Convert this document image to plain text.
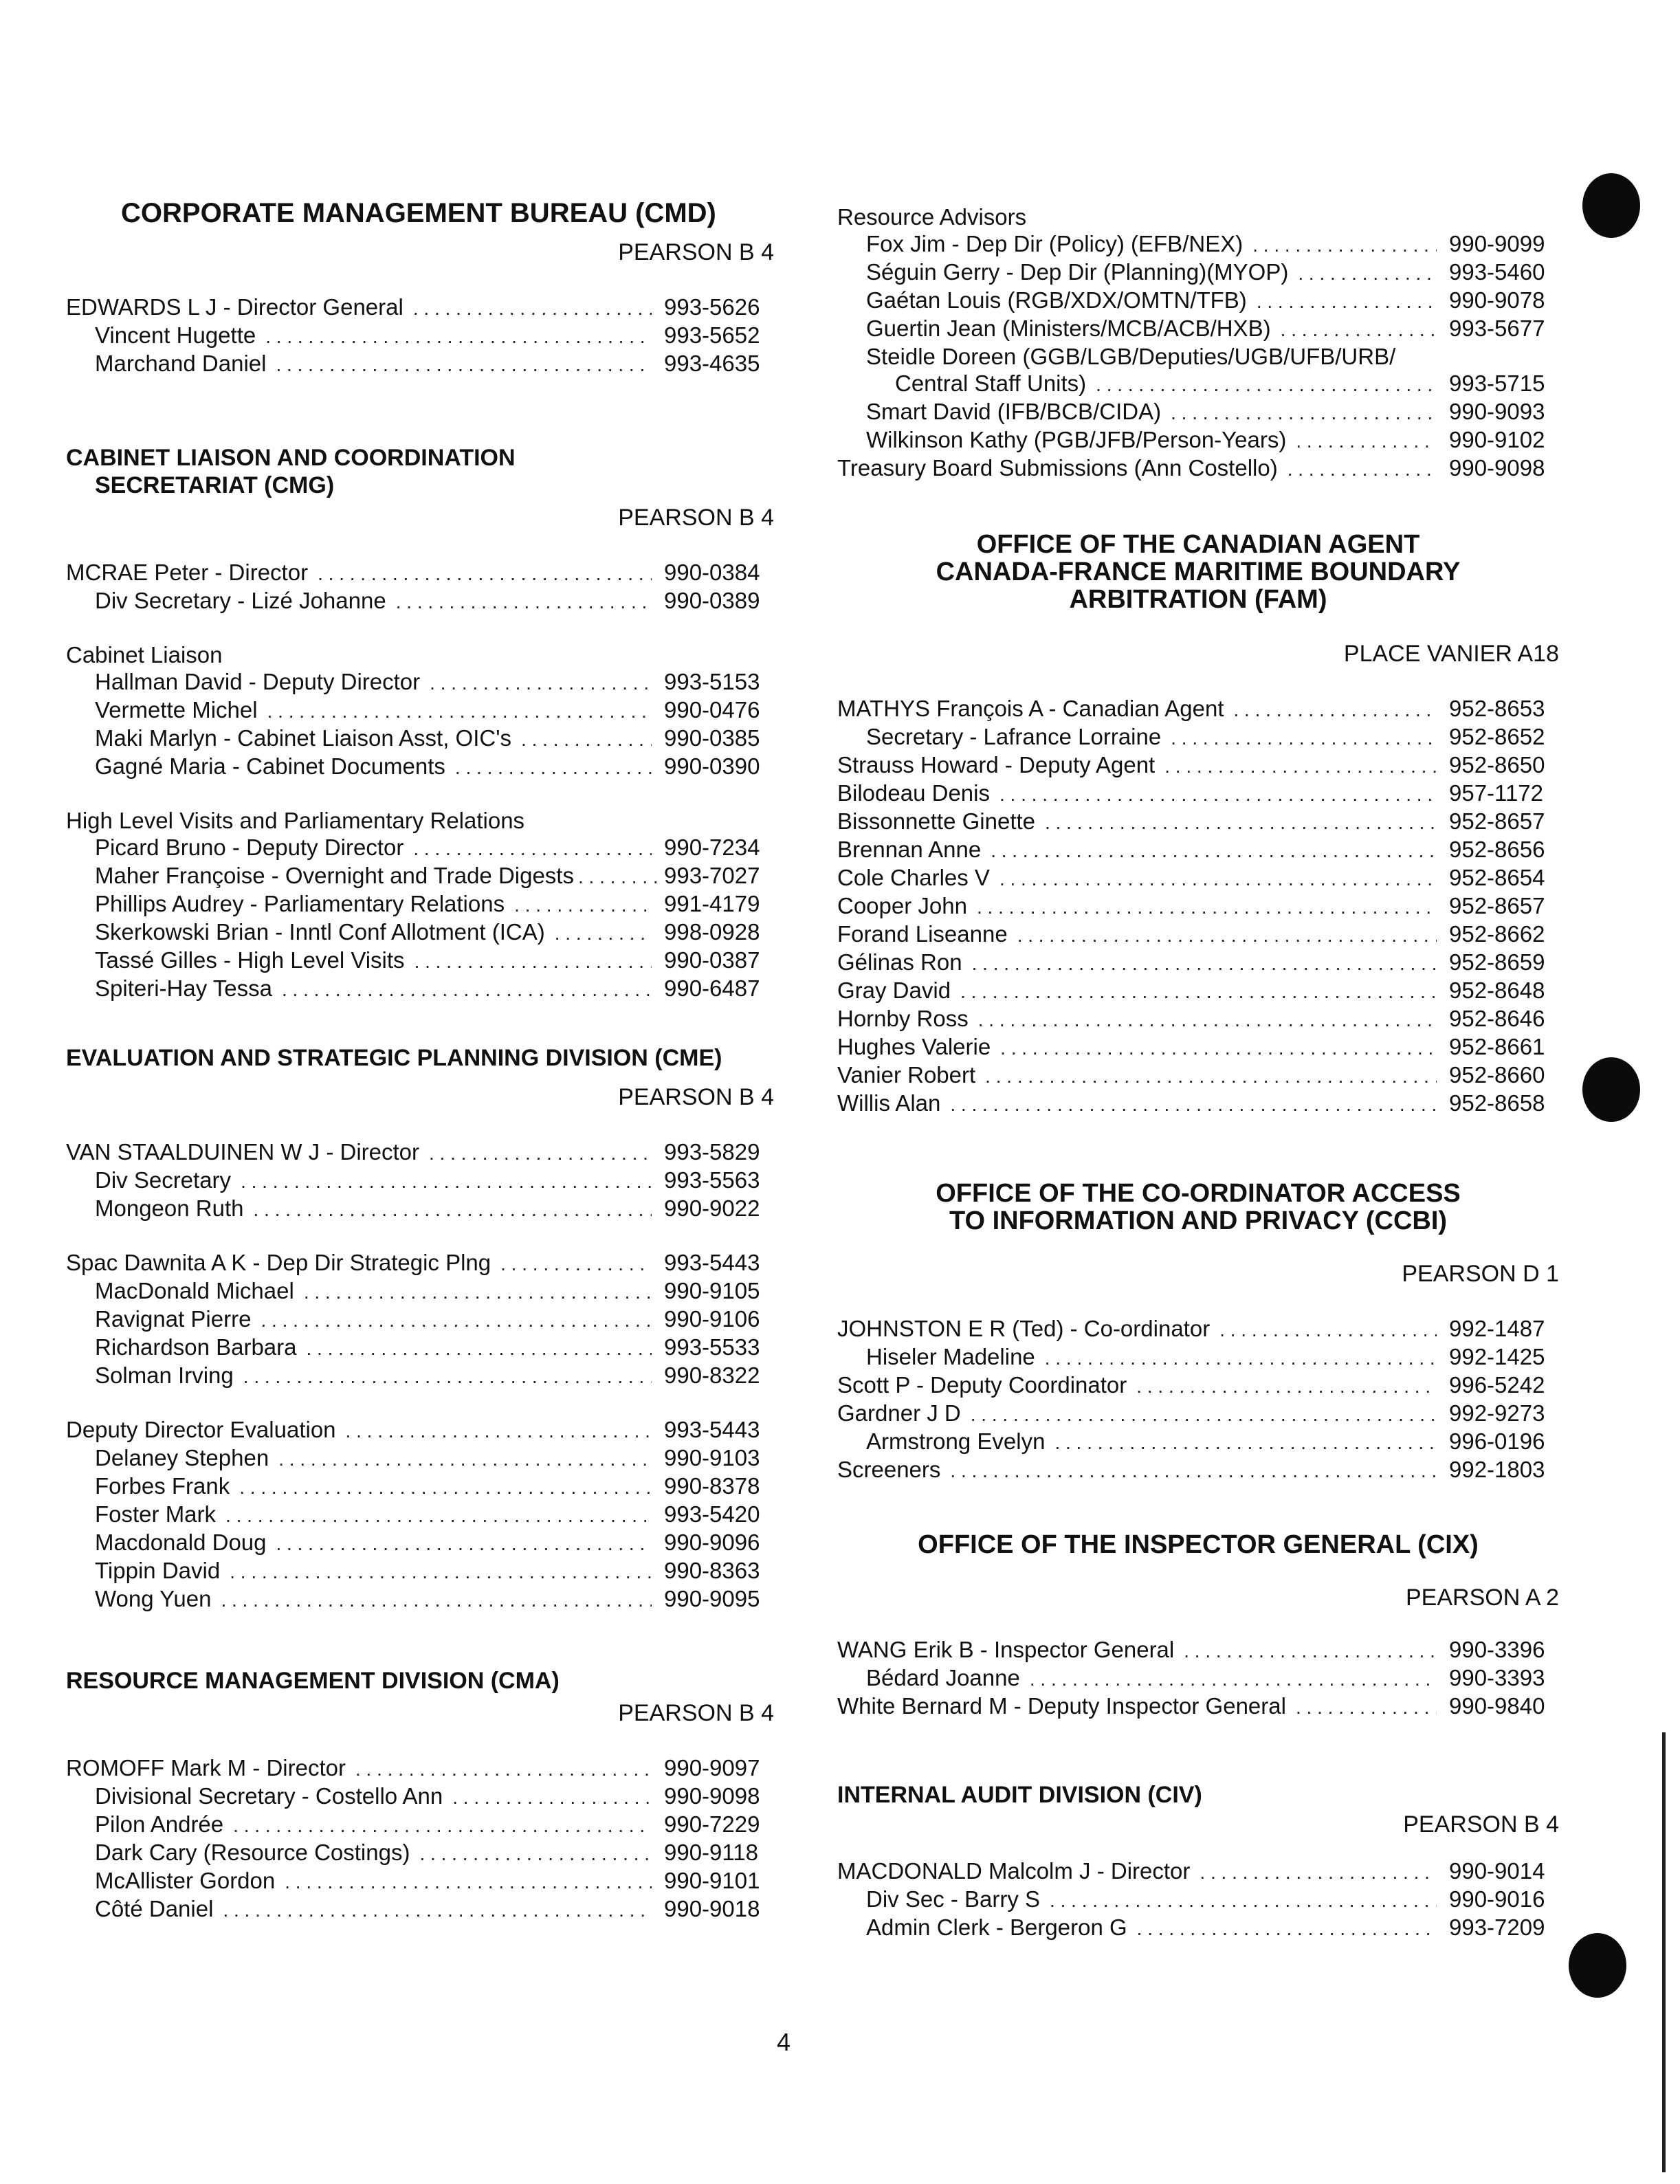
CORPORATE MANAGEMENT BUREAU (CMD)
PEARSON B 4
EDWARDS L J - Director General . . .	993-5626
Vincent Hugette . . .	993-5652
Marchand Daniel . . .	993-4635
CABINET LIAISON AND COORDINATION
SECRETARIAT (CMG)
PEARSON B 4
MCRAE Peter - Director . . .	990-0384
Div Secretary - Lizé Johanne . . .	990-0389
Cabinet Liaison
Hallman David - Deputy Director . . .	993-5153
Vermette Michel . . .	990-0476
Maki Marlyn - Cabinet Liaison Asst, OIC's . . .	990-0385
Gagné Maria - Cabinet Documents . . .	990-0390
High Level Visits and Parliamentary Relations
Picard Bruno - Deputy Director . . .	990-7234
Maher Françoise - Overnight and Trade Digests . . .	993-7027
Phillips Audrey - Parliamentary Relations . . .	991-4179
Skerkowski Brian - Inntl Conf Allotment (ICA) . . .	998-0928
Tassé Gilles - High Level Visits . . .	990-0387
Spiteri-Hay Tessa . . .	990-6487
EVALUATION AND STRATEGIC PLANNING DIVISION (CME)
PEARSON B 4
VAN STAALDUINEN W J - Director . . .	993-5829
Div Secretary . . .	993-5563
Mongeon Ruth . . .	990-9022
Spac Dawnita A K - Dep Dir Strategic Plng . . .	993-5443
MacDonald Michael . . .	990-9105
Ravignat Pierre . . .	990-9106
Richardson Barbara . . .	993-5533
Solman Irving . . .	990-8322
Deputy Director Evaluation . . .	993-5443
Delaney Stephen . . .	990-9103
Forbes Frank . . .	990-8378
Foster Mark . . .	993-5420
Macdonald Doug . . .	990-9096
Tippin David . . .	990-8363
Wong Yuen . . .	990-9095
RESOURCE MANAGEMENT DIVISION (CMA)
PEARSON B 4
ROMOFF Mark M - Director . . .	990-9097
Divisional Secretary - Costello Ann . . .	990-9098
Pilon Andrée . . .	990-7229
Dark Cary (Resource Costings) . . .	990-9118
McAllister Gordon . . .	990-9101
Côté Daniel . . .	990-9018
Resource Advisors
Fox Jim - Dep Dir (Policy) (EFB/NEX) . . .	990-9099
Séguin Gerry - Dep Dir (Planning)(MYOP) . . .	993-5460
Gaétan Louis (RGB/XDX/OMTN/TFB) . . .	990-9078
Guertin Jean (Ministers/MCB/ACB/HXB) . . .	993-5677
Steidle Doreen (GGB/LGB/Deputies/UGB/UFB/URB/
Central Staff Units) . . .	993-5715
Smart David (IFB/BCB/CIDA) . . .	990-9093
Wilkinson Kathy (PGB/JFB/Person-Years) . . .	990-9102
Treasury Board Submissions (Ann Costello) . . .	990-9098
OFFICE OF THE CANADIAN AGENT
CANADA-FRANCE MARITIME BOUNDARY
ARBITRATION (FAM)
PLACE VANIER A18
MATHYS François A - Canadian Agent . . .	952-8653
Secretary - Lafrance Lorraine . . .	952-8652
Strauss Howard - Deputy Agent . . .	952-8650
Bilodeau Denis . . .	957-1172
Bissonnette Ginette . . .	952-8657
Brennan Anne . . .	952-8656
Cole Charles V . . .	952-8654
Cooper John . . .	952-8657
Forand Liseanne . . .	952-8662
Gélinas Ron . . .	952-8659
Gray David . . .	952-8648
Hornby Ross . . .	952-8646
Hughes Valerie . . .	952-8661
Vanier Robert . . .	952-8660
Willis Alan . . .	952-8658
OFFICE OF THE CO-ORDINATOR ACCESS
TO INFORMATION AND PRIVACY (CCBI)
PEARSON D 1
JOHNSTON E R (Ted) - Co-ordinator . . .	992-1487
Hiseler Madeline . . .	992-1425
Scott P - Deputy Coordinator . . .	996-5242
Gardner J D . . .	992-9273
Armstrong Evelyn . . .	996-0196
Screeners . . .	992-1803
OFFICE OF THE INSPECTOR GENERAL (CIX)
PEARSON A 2
WANG Erik B - Inspector General . . .	990-3396
Bédard Joanne . . .	990-3393
White Bernard M - Deputy Inspector General . . .	990-9840
INTERNAL AUDIT DIVISION (CIV)
PEARSON B 4
MACDONALD Malcolm J - Director . . .	990-9014
Div Sec - Barry S . . .	990-9016
Admin Clerk - Bergeron G . . .	993-7209
4
